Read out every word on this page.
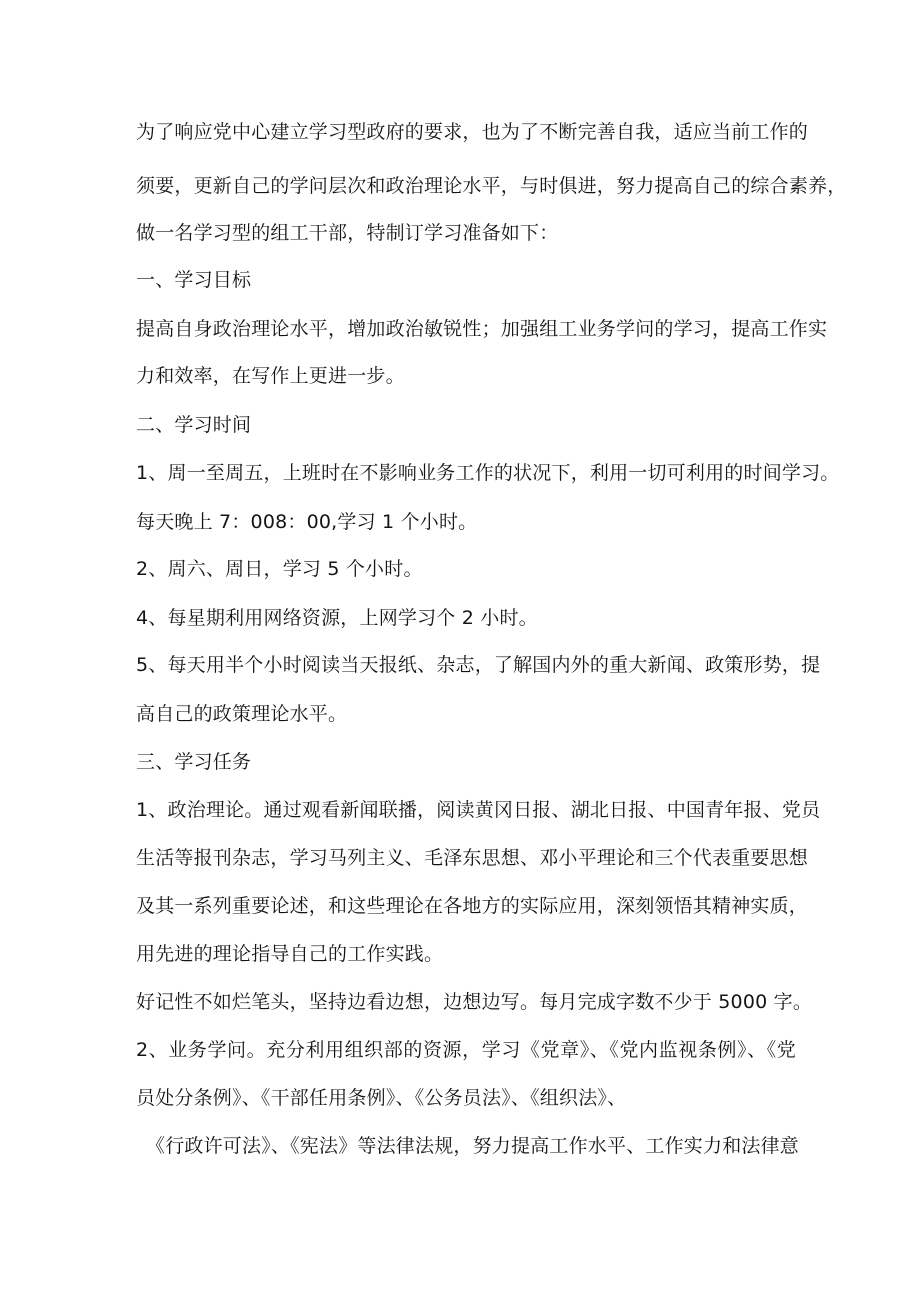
为了响应党中心建立学习型政府的要求，也为了不断完善自我，适应当前工作的

须要，更新自己的学问层次和政治理论水平，与时俱进，努力提高自己的综合素养，

做一名学习型的组工干部，特制订学习准备如下：

一、学习目标

提高自身政治理论水平，增加政治敏锐性；加强组工业务学问的学习，提高工作实

力和效率，在写作上更进一步。

二、学习时间

1、周一至周五，上班时在不影响业务工作的状况下，利用一切可利用的时间学习。

每天晚上 7：008：00,学习 1 个小时。

2、周六、周日，学习 5 个小时。

4、每星期利用网络资源，上网学习个 2 小时。

5、每天用半个小时阅读当天报纸、杂志，了解国内外的重大新闻、政策形势，提

高自己的政策理论水平。

三、学习任务

1、政治理论。通过观看新闻联播，阅读黄冈日报、湖北日报、中国青年报、党员

生活等报刊杂志，学习马列主义、毛泽东思想、邓小平理论和三个代表重要思想

及其一系列重要论述，和这些理论在各地方的实际应用，深刻领悟其精神实质，

用先进的理论指导自己的工作实践。

好记性不如烂笔头，坚持边看边想，边想边写。每月完成字数不少于 5000 字。

2、业务学问。充分利用组织部的资源，学习《党章》、《党内监视条例》、《党

员处分条例》、《干部任用条例》、《公务员法》、《组织法》、

《行政许可法》、《宪法》等法律法规，努力提高工作水平、工作实力和法律意
